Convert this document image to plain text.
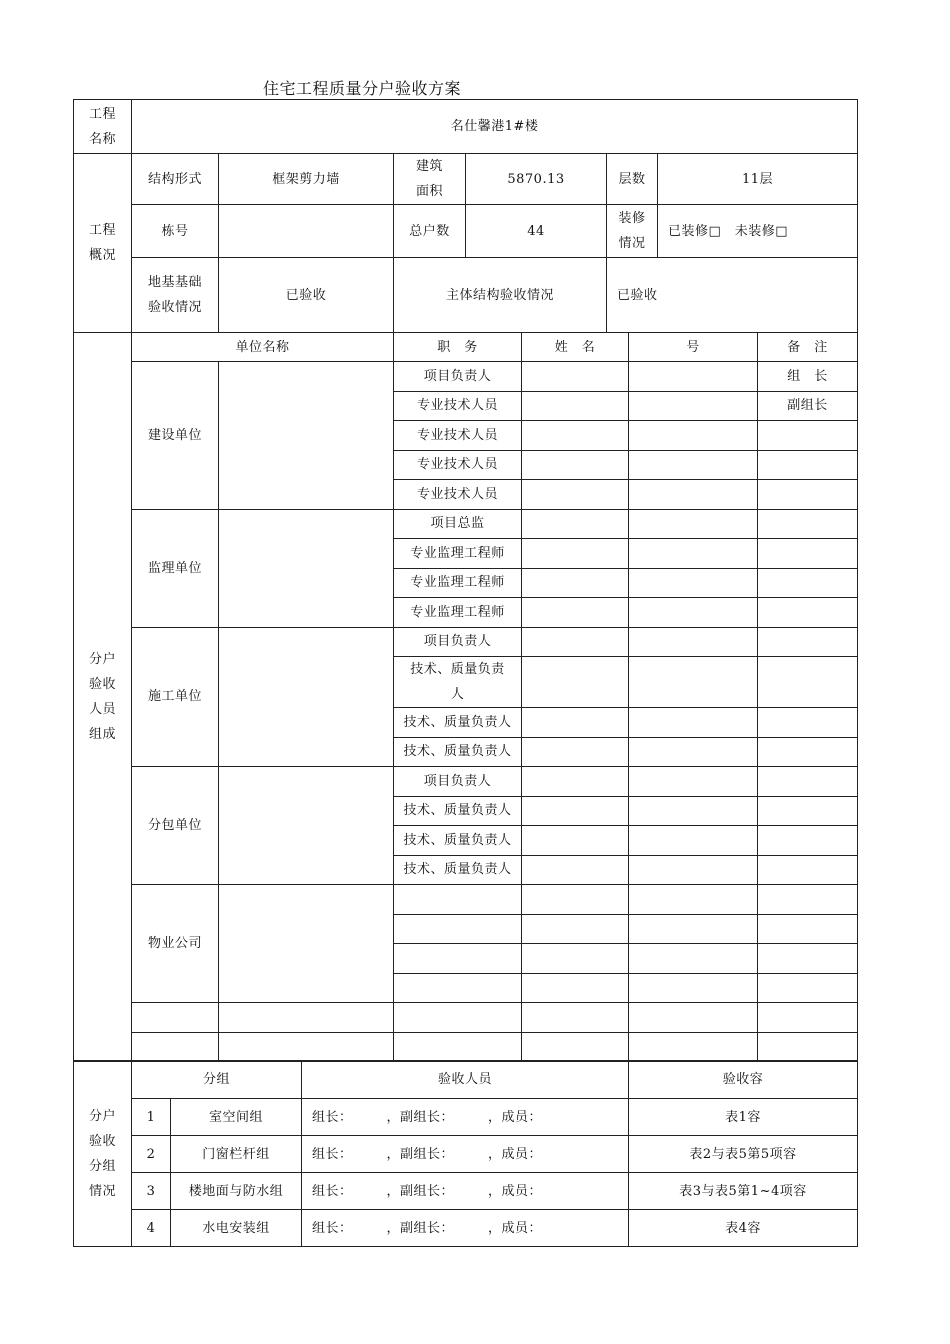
住宅工程质量分户验收方案
工程
名称	名仕馨港1#楼					
工程
概况	结构形式	框架剪力墙	建筑
面积	5870.13	层数	11层
	栋号		总户数	44	装修
情况	已装修□　未装修□
	地基基础
验收情况	已验收	主体结构验收情况		已验收	
分户
验收
人员
组成	单位名称		职　务	姓　名	号	备　注
	建设单位		项目负责人			组　长
			专业技术人员			副组长
			专业技术人员			
			专业技术人员			
			专业技术人员			
	监理单位		项目总监			
			专业监理工程师			
			专业监理工程师			
			专业监理工程师			
	施工单位		项目负责人			
			技术、质量负责
人			
			技术、质量负责人			
			技术、质量负责人			
	分包单位		项目负责人			
			技术、质量负责人			
			技术、质量负责人			
			技术、质量负责人			
	物业公司					

分户
验收
分组
情况	分组		验收人员	验收容
	1	室空间组	组长：　　　，副组长：　　　，成员：	表1容
	2	门窗栏杆组	组长：　　　，副组长：　　　，成员：	表2与表5第5项容
	3	楼地面与防水组	组长：　　　，副组长：　　　，成员：	表3与表5第1~4项容
	4	水电安装组	组长：　　　，副组长：　　　，成员：	表4容
